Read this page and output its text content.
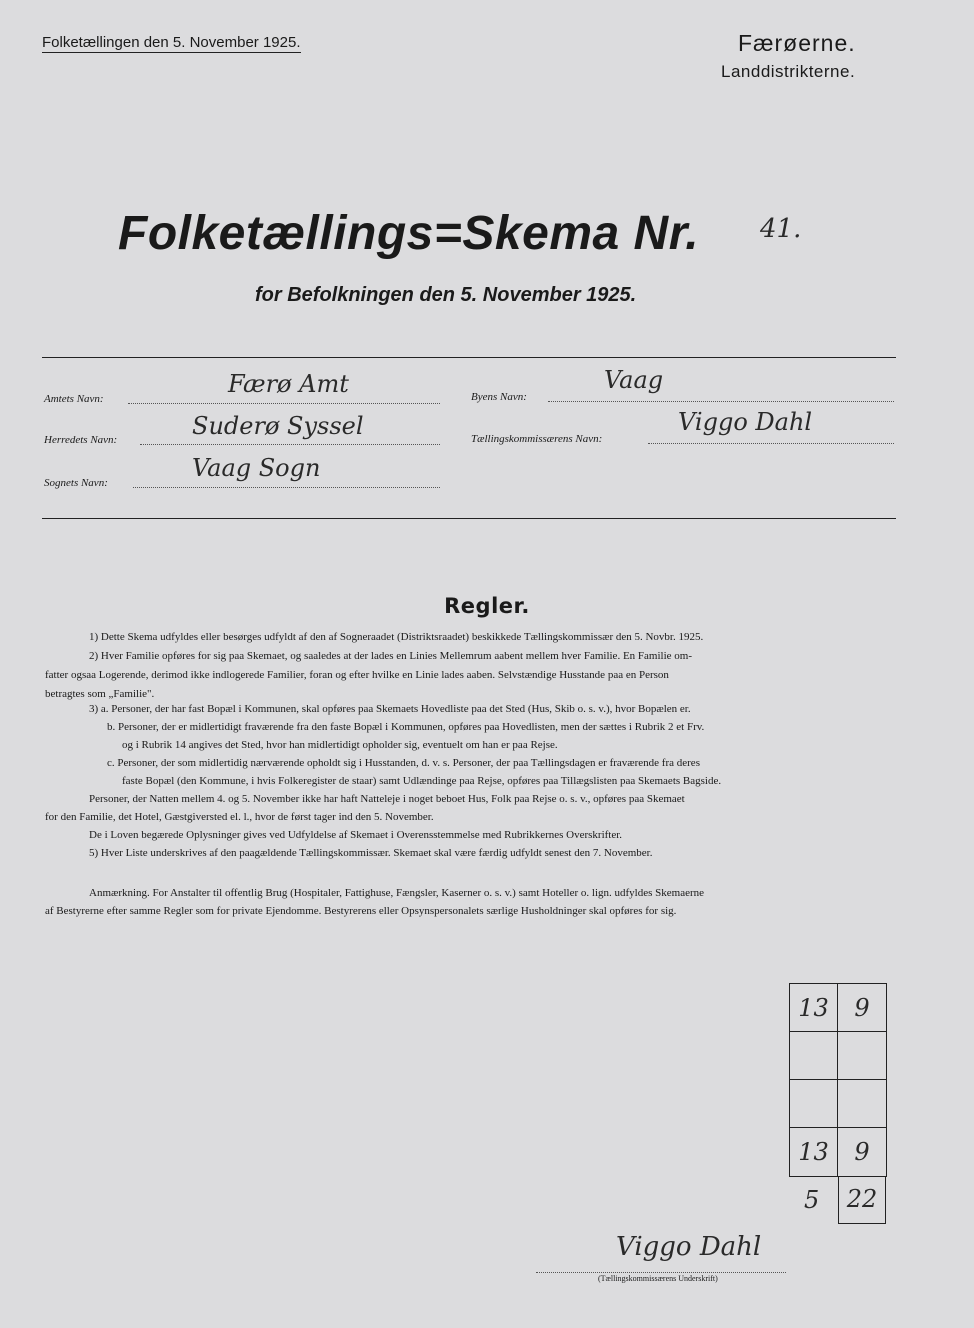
Folketællingen den 5. November 1925.	Færøerne.
Landdistrikterne.
Folketællings=Skema Nr. 41.
for Befolkningen den 5. November 1925.
Amtets Navn:
Færø Amt
Herredets Navn:	Suderø Syssel
Sognets Navn:
Vaag Sogn
Byens Navn:
Vaag
Tællingskommissærens Navn:
Viggo Dahl
Regler.
1) Dette Skema udfyldes eller besørges udfyldt af den af Sogneraadet (Distriktsraadet) beskikkede Tællingskommissær den 5. Novbr. 1925.
2) Hver Familie opføres for sig paa Skemaet, og saaledes at der lades en Linies Mellemrum aabent mellem hver Familie. En Familie om-
fatter ogsaa Logerende, derimod ikke indlogerede Familier, foran og efter hvilke en Linie lades aaben. Selvstændige Husstande paa en Person
betragtes som „Familie".
3) a. Personer, der har fast Bopæl i Kommunen, skal opføres paa Skemaets Hovedliste paa det Sted (Hus, Skib o. s. v.), hvor Bopælen er.
b. Personer, der er midlertidigt fraværende fra den faste Bopæl i Kommunen, opføres paa Hovedlisten, men der sættes i Rubrik 2 et Frv.
og i Rubrik 14 angives det Sted, hvor han midlertidigt opholder sig, eventuelt om han er paa Rejse.
c. Personer, der som midlertidig nærværende opholdt sig i Husstanden, d. v. s. Personer, der paa Tællingsdagen er fraværende fra deres
faste Bopæl (den Kommune, i hvis Folkeregister de staar) samt Udlændinge paa Rejse, opføres paa Tillægslisten paa Skemaets Bagside.
Personer, der Natten mellem 4. og 5. November ikke har haft Natteleje i noget beboet Hus, Folk paa Rejse o. s. v., opføres paa Skemaet
for den Familie, det Hotel, Gæstgiversted el. l., hvor de først tager ind den 5. November.
De i Loven begærede Oplysninger gives ved Udfyldelse af Skemaet i Overensstemmelse med Rubrikkernes Overskrifter.
5) Hver Liste underskrives af den paagældende Tællingskommissær. Skemaet skal være færdig udfyldt senest den 7. November.
Anmærkning. For Anstalter til offentlig Brug (Hospitaler, Fattighuse, Fængsler, Kaserner o. s. v.) samt Hoteller o. lign. udfyldes Skemaerne
af Bestyrerne efter samme Regler som for private Ejendomme. Bestyrerens eller Opsynspersonalets særlige Husholdninger skal opføres for sig.
13	9
13	9
5	22
Viggo Dahl
(Tællingskommissærens Underskrift)
